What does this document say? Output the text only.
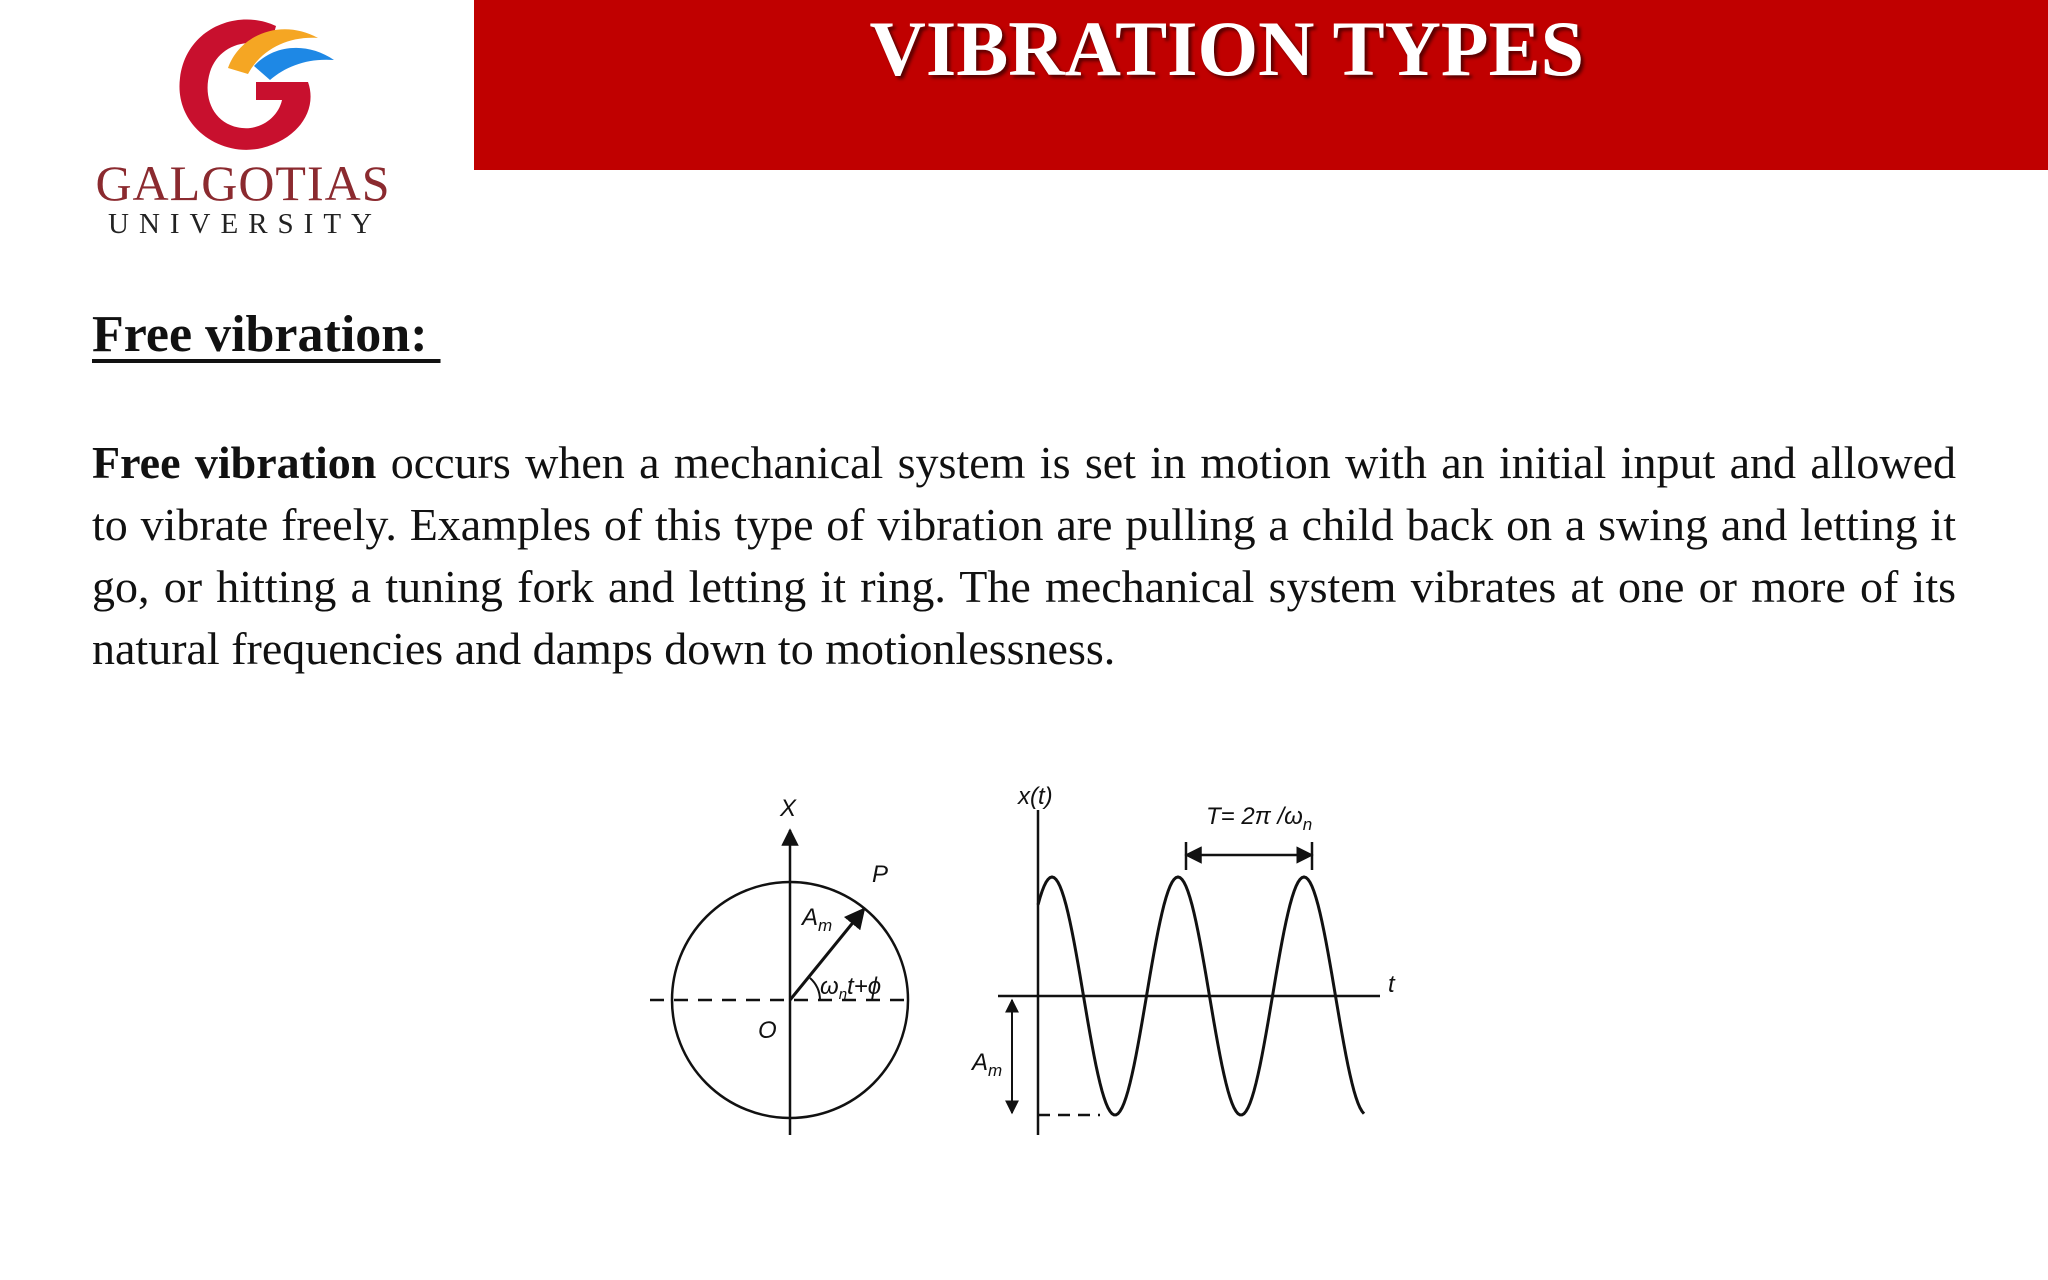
GALGOTIAS
UNIVERSITY
VIBRATION TYPES
Free vibration:
Free vibration occurs when a mechanical system is set in motion with an initial input and allowed to vibrate freely. Examples of this type of vibration are pulling a child back on a swing and letting it go, or hitting a tuning fork and letting it ring. The mechanical system vibrates at one or more of its natural frequencies and damps down to motionlessness.
X
P
$A_m$
O
$\omega_nt+\phi$
x(t)
t
T= 2π $/\omega_n$
$A_m$
